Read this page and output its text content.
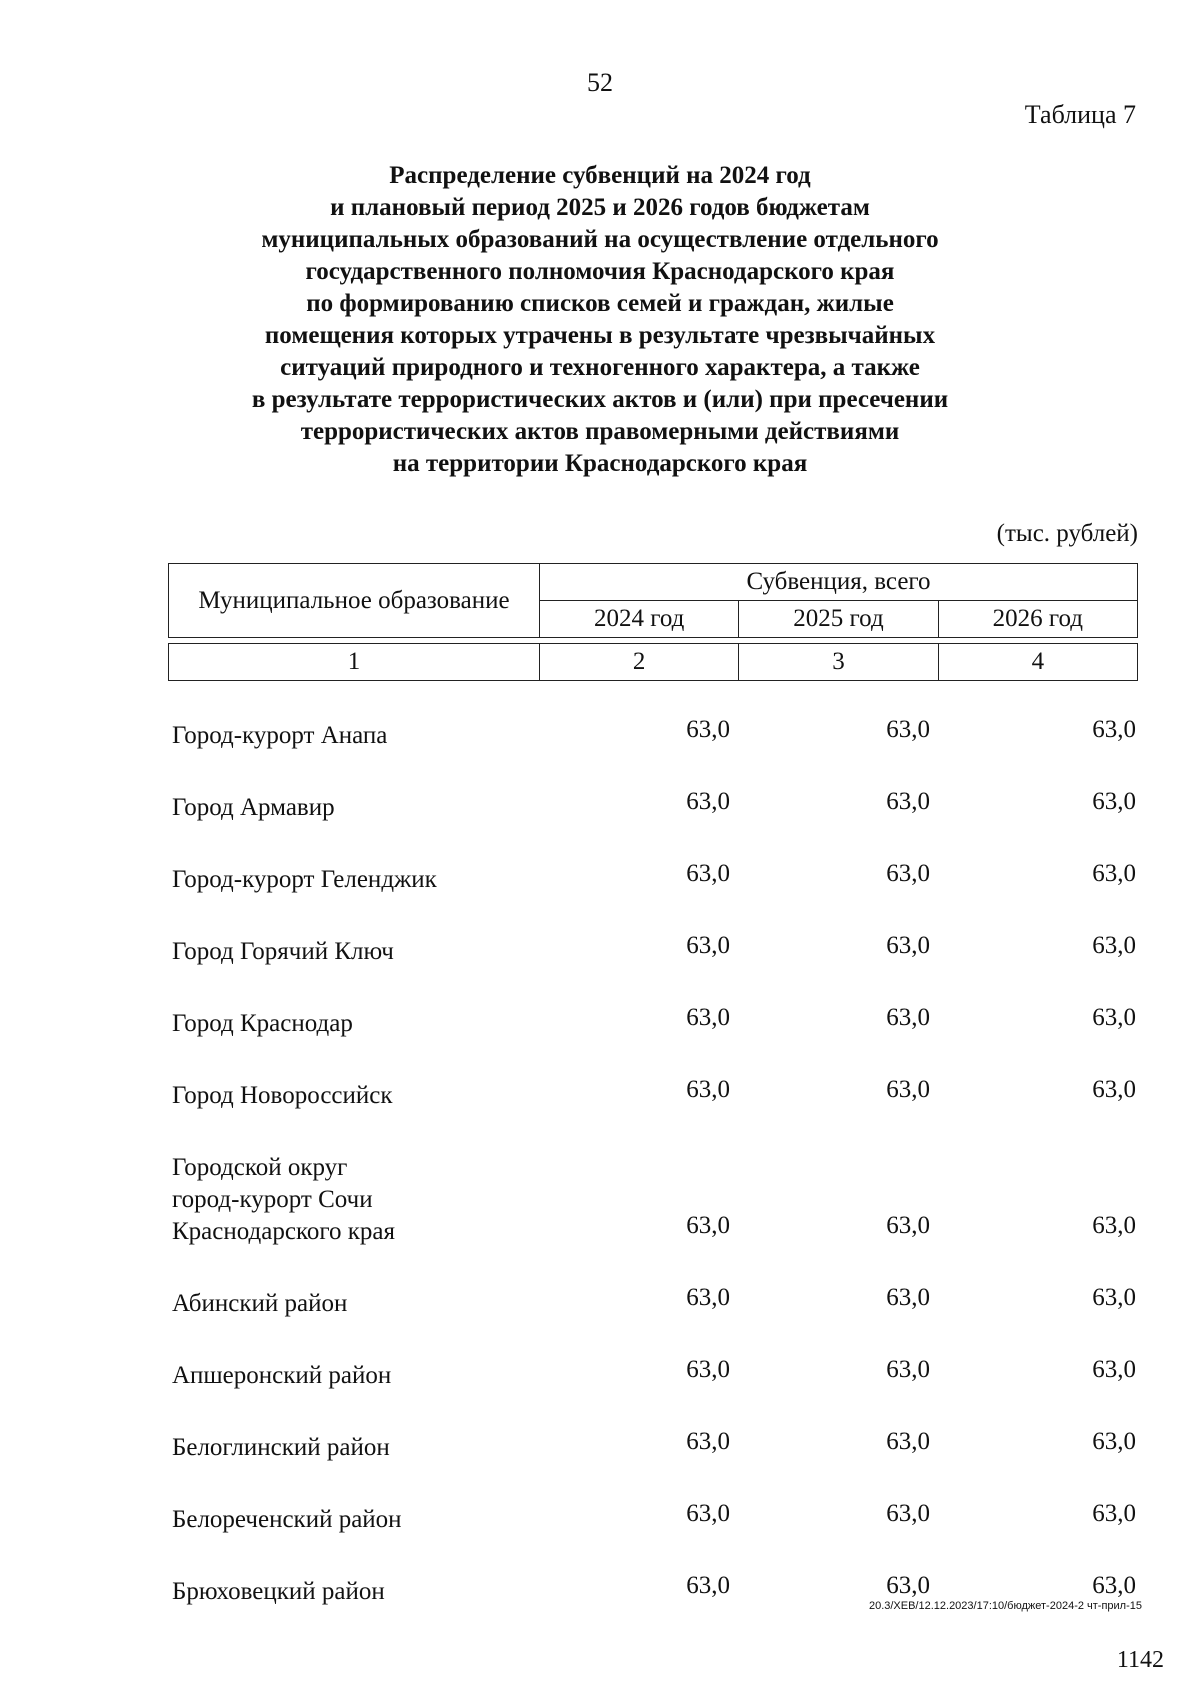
52
Таблица 7
Распределение субвенций на 2024 год
и плановый период 2025 и 2026 годов бюджетам
муниципальных образований на осуществление отдельного
государственного полномочия Краснодарского края
по формированию списков семей и граждан, жилые
помещения которых утрачены в результате чрезвычайных
ситуаций природного и техногенного характера, а также
в результате террористических актов и (или) при пресечении
террористических актов правомерными действиями
на территории Краснодарского края
(тыс. рублей)
Муниципальное образование	Субвенция, всего		
	2024 год	2025 год	2026 год

1	2	3	4
Город-курорт Анапа	63,0	63,0	63,0
Город Армавир	63,0	63,0	63,0
Город-курорт Геленджик	63,0	63,0	63,0
Город Горячий Ключ	63,0	63,0	63,0
Город Краснодар	63,0	63,0	63,0
Город Новороссийск	63,0	63,0	63,0
Городской округ
город-курорт Сочи
Краснодарского края	63,0	63,0	63,0
Абинский район	63,0	63,0	63,0
Апшеронский район	63,0	63,0	63,0
Белоглинский район	63,0	63,0	63,0
Белореченский район	63,0	63,0	63,0
Брюховецкий район	63,0	63,0	63,0
20.3/ХЕВ/12.12.2023/17:10/бюджет-2024-2 чт-прил-15
1142
